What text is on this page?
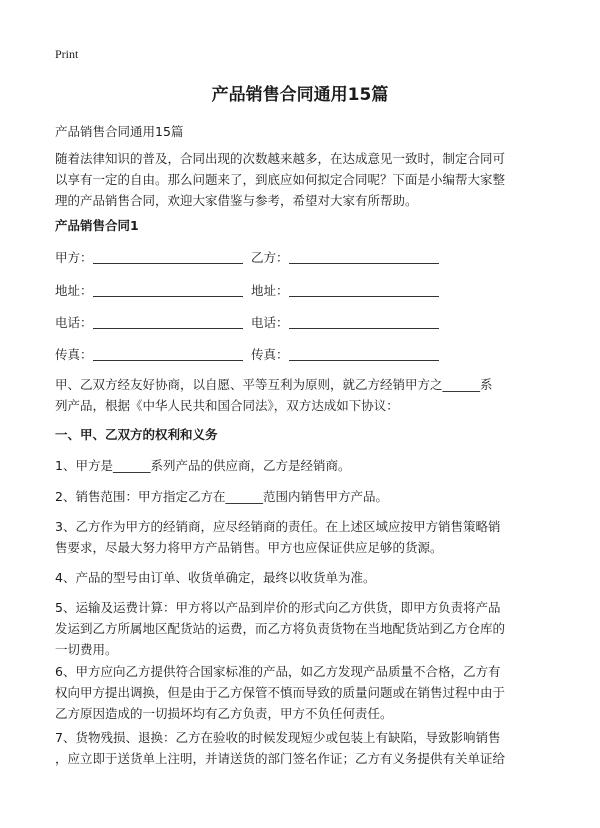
Print
产品销售合同通用15篇
产品销售合同通用15篇

随着法律知识的普及，合同出现的次数越来越多，在达成意见一致时，制定合同可
以享有一定的自由。那么问题来了，到底应如何拟定合同呢？下面是小编帮大家整
理的产品销售合同，欢迎大家借鉴与参考，希望对大家有所帮助。

产品销售合同1
甲方：	乙方：
地址：	地址：
电话：	电话：
传真：	传真：

甲、乙双方经友好协商，以自愿、平等互利为原则，就乙方经销甲方之______系
列产品，根据《中华人民共和国合同法》，双方达成如下协议：

一、甲、乙双方的权利和义务

1、甲方是______系列产品的供应商，乙方是经销商。

2、销售范围：甲方指定乙方在______范围内销售甲方产品。

3、乙方作为甲方的经销商，应尽经销商的责任。在上述区域应按甲方销售策略销
售要求，尽最大努力将甲方产品销售。甲方也应保证供应足够的货源。

4、产品的型号由订单、收货单确定，最终以收货单为准。

5、运输及运费计算：甲方将以产品到岸价的形式向乙方供货，即甲方负责将产品
发运到乙方所属地区配货站的运费，而乙方将负责货物在当地配货站到乙方仓库的
一切费用。

6、甲方应向乙方提供符合国家标准的产品，如乙方发现产品质量不合格，乙方有
权向甲方提出调换，但是由于乙方保管不慎而导致的质量问题或在销售过程中由于
乙方原因造成的一切损坏均有乙方负责，甲方不负任何责任。

7、货物残损、退换：乙方在验收的时候发现短少或包装上有缺陷，导致影响销售
，应立即于送货单上注明，并请送货的部门签名作证；乙方有义务提供有关单证给
